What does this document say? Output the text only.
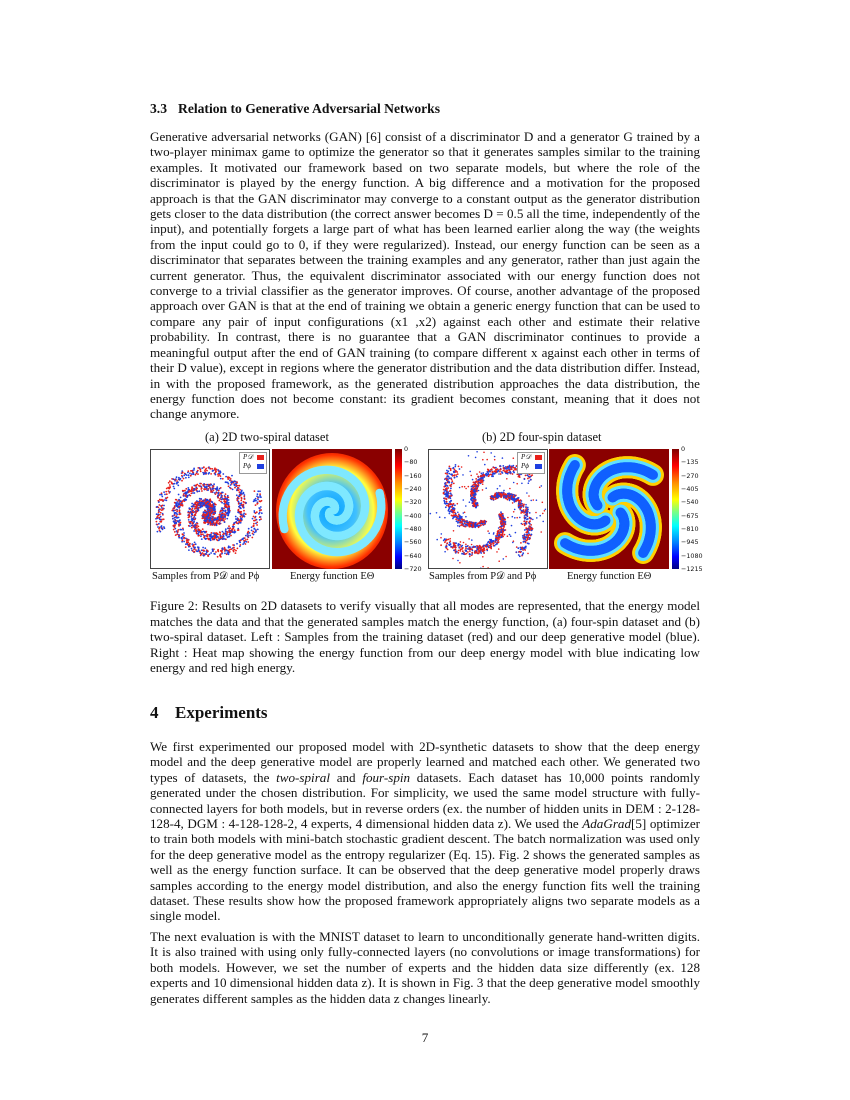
3.3 Relation to Generative Adversarial Networks
Generative adversarial networks (GAN) [6] consist of a discriminator D and a generator G trained by a two-player minimax game to optimize the generator so that it generates samples similar to the training examples. It motivated our framework based on two separate models, but where the role of the discriminator is played by the energy function. A big difference and a motivation for the proposed approach is that the GAN discriminator may converge to a constant output as the generator distribution gets closer to the data distribution (the correct answer becomes D = 0.5 all the time, independently of the input), and potentially forgets a large part of what has been learned earlier along the way (the weights from the input could go to 0, if they were regularized). Instead, our energy function can be seen as a discriminator that separates between the training examples and any generator, rather than just again the current generator. Thus, the equivalent discriminator associated with our energy function does not converge to a trivial classifier as the generator improves. Of course, another advantage of the proposed approach over GAN is that at the end of training we obtain a generic energy function that can be used to compare any pair of input configurations (x1 ,x2) against each other and estimate their relative probability. In contrast, there is no guarantee that a GAN discriminator continues to provide a meaningful output after the end of GAN training (to compare different x against each other in terms of their D value), except in regions where the generator distribution and the data distribution differ. Instead, in with the proposed framework, as the generated distribution approaches the data distribution, the energy function does not become constant: its gradient becomes constant, meaning that it does not change anymore.
Figure 2: Results on 2D datasets to verify visually that all modes are represented, that the energy model matches the data and that the generated samples match the energy function, (a) four-spin dataset and (b) two-spiral dataset. Left : Samples from the training dataset (red) and our deep generative model (blue). Right : Heat map showing the energy function from our deep energy model with blue indicating low energy and red high energy.
4 Experiments
We first experimented our proposed model with 2D-synthetic datasets to show that the deep energy model and the deep generative model are properly learned and matched each other. We generated two types of datasets, the two-spiral and four-spin datasets. Each dataset has 10,000 points randomly generated under the chosen distribution. For simplicity, we used the same model structure with fully-connected layers for both models, but in reverse orders (ex. the number of hidden units in DEM : 2-128-128-4, DGM : 4-128-128-2, 4 experts, 4 dimensional hidden data z). We used the AdaGrad[5] optimizer to train both models with mini-batch stochastic gradient descent. The batch normalization was used only for the deep generative model as the entropy regularizer (Eq. 15). Fig. 2 shows the generated samples as well as the energy function surface. It can be observed that the deep generative model properly draws samples according to the energy model distribution, and also the energy function fits well the training dataset. These results show how the proposed framework appropriately aligns two separate models as a single model.
The next evaluation is with the MNIST dataset to learn to unconditionally generate hand-written digits. It is also trained with using only fully-connected layers (no convolutions or image transformations) for both models. However, we set the number of experts and the hidden data size differently (ex. 128 experts and 10 dimensional hidden data z). It is shown in Fig. 3 that the deep generative model smoothly generates different samples as the hidden data z changes linearly.
(a) 2D two-spiral dataset	(b) 2D four-spin dataset
P𝒟
Pϕ
0
−80
−160
−240
−320
−400
−480
−560
−640
−720
P𝒟
Pϕ
0
−135
−270
−405
−540
−675
−810
−945
−1080
−1215
Samples from P𝒟 and Pϕ	Energy function EΘ	Samples from P𝒟 and Pϕ	Energy function EΘ
7
